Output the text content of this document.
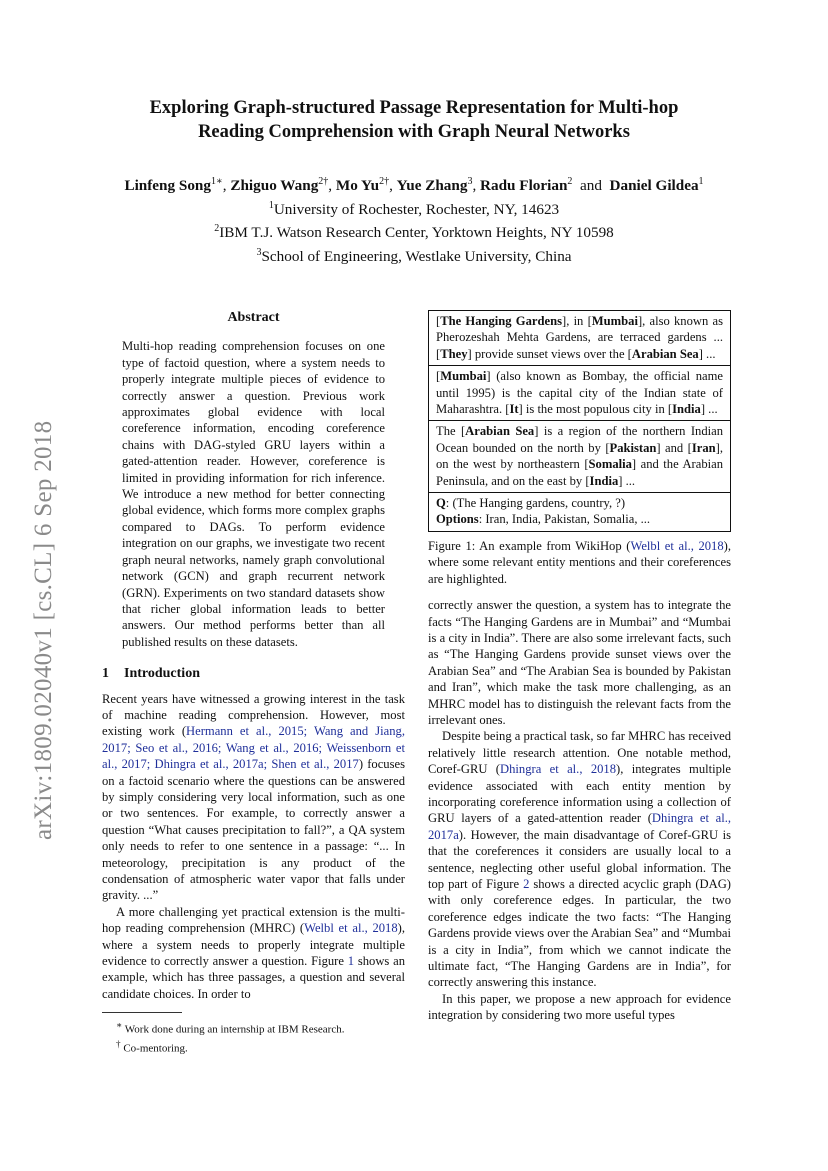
Exploring Graph-structured Passage Representation for Multi-hop
Reading Comprehension with Graph Neural Networks
Linfeng Song$^{1∗}$, Zhiguo Wang$^{2\dagger}$, Mo $Yu^{2\dagger}$, Yue Zhang$^3$, Radu Florian$^2$ and Daniel Gildea$^1$
$^1$University of Rochester, Rochester, NY, 14623
$^2$IBM T.J. Watson Research Center, Yorktown Heights, NY 10598
$^3$School of Engineering, Westlake University, China
arXiv:1809.02040v1 [cs.CL] 6 Sep 2018
Abstract

Multi-hop reading comprehension focuses on one type of factoid question, where a system needs to properly integrate multiple pieces of evidence to correctly answer a question. Previous work approximates global evidence with local coreference information, encoding coreference chains with DAG-styled GRU layers within a gated-attention reader. However, coreference is limited in providing information for rich inference. We introduce a new method for better connecting global evidence, which forms more complex graphs compared to DAGs. To perform evidence integration on our graphs, we investigate two recent graph neural networks, namely graph convolutional network (GCN) and graph recurrent network (GRN). Experiments on two standard datasets show that richer global information leads to better answers. Our method performs better than all published results on these datasets.

1 Introduction

Recent years have witnessed a growing interest in the task of machine reading comprehension. However, most existing work (Hermann et al., 2015; Wang and Jiang, 2017; Seo et al., 2016; Wang et al., 2016; Weissenborn et al., 2017; Dhingra et al., 2017a; Shen et al., 2017) focuses on a factoid scenario where the questions can be answered by simply considering very local information, such as one or two sentences. For example, to correctly answer a question “What causes precipitation to fall?”, a QA system only needs to refer to one sentence in a passage: “... In meteorology, precipitation is any product of the condensation of atmospheric water vapor that falls under gravity. ...”

A more challenging yet practical extension is the multi-hop reading comprehension (MHRC) (Welbl et al., 2018), where a system needs to properly integrate multiple evidence to correctly answer a question. Figure 1 shows an example, which has three passages, a question and several candidate choices. In order to

∗ Work done during an internship at IBM Research.
† Co-mentoring.
[The Hanging Gardens], in [Mumbai], also known as Pherozeshah Mehta Gardens, are terraced gardens ... [They] provide sunset views over the [Arabian Sea] ...
[Mumbai] (also known as Bombay, the official name until 1995) is the capital city of the Indian state of Maharashtra. [It] is the most populous city in [India] ...
The [Arabian Sea] is a region of the northern Indian Ocean bounded on the north by [Pakistan] and [Iran], on the west by northeastern [Somalia] and the Arabian Peninsula, and on the east by [India] ...
Q: (The Hanging gardens, country, ?)
Options: Iran, India, Pakistan, Somalia, ...

Figure 1: An example from WikiHop (Welbl et al., 2018), where some relevant entity mentions and their coreferences are highlighted.

correctly answer the question, a system has to integrate the facts “The Hanging Gardens are in Mumbai” and “Mumbai is a city in India”. There are also some irrelevant facts, such as “The Hanging Gardens provide sunset views over the Arabian Sea” and “The Arabian Sea is bounded by Pakistan and Iran”, which make the task more challenging, as an MHRC model has to distinguish the relevant facts from the irrelevant ones.

Despite being a practical task, so far MHRC has received relatively little research attention. One notable method, Coref-GRU (Dhingra et al., 2018), integrates multiple evidence associated with each entity mention by incorporating coreference information using a collection of GRU layers of a gated-attention reader (Dhingra et al., 2017a). However, the main disadvantage of Coref-GRU is that the coreferences it considers are usually local to a sentence, neglecting other useful global information. The top part of Figure 2 shows a directed acyclic graph (DAG) with only coreference edges. In particular, the two coreference edges indicate the two facts: “The Hanging Gardens provide views over the Arabian Sea” and “Mumbai is a city in India”, from which we cannot indicate the ultimate fact, “The Hanging Gardens are in India”, for correctly answering this instance.

In this paper, we propose a new approach for evidence integration by considering two more useful types
